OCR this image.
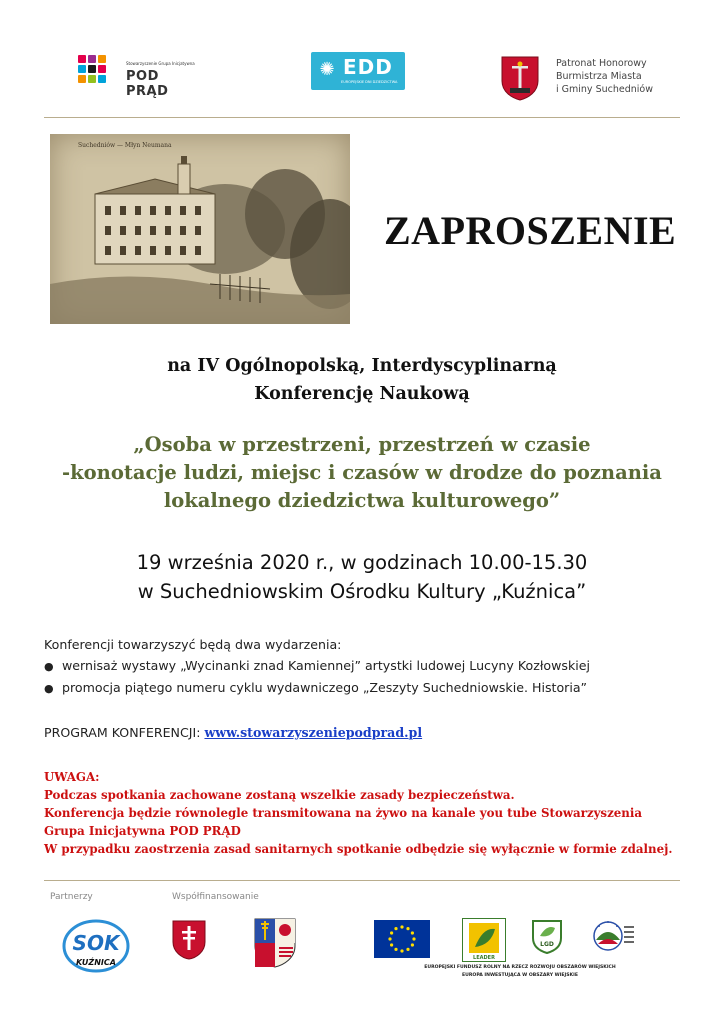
Stowarzyszenie Grupa Inicjatywna
POD PRĄD
✺ EDD
EUROPEJSKIE DNI DZIEDZICTWA
Patronat Honorowy
Burmistrza Miasta
i Gminy Suchedniów
Suchedniów — Młyn Neumana
ZAPROSZENIE
na IV Ogólnopolską, Interdyscyplinarną
Konferencję Naukową
„Osoba w przestrzeni, przestrzeń w czasie
-konotacje ludzi, miejsc i czasów w drodze do poznania
lokalnego dziedzictwa kulturowego”
19 września 2020 r., w godzinach 10.00-15.30
w Suchedniowskim Ośrodku Kultury „Kuźnica”
Konferencji towarzyszyć będą dwa wydarzenia:
● wernisaż wystawy „Wycinanki znad Kamiennej” artystki ludowej Lucyny Kozłowskiej
● promocja piątego numeru cyklu wydawniczego „Zeszyty Suchedniowskie. Historia”
PROGRAM KONFERENCJI: www.stowarzyszeniepodprad.pl
UWAGA:
Podczas spotkania zachowane zostaną wszelkie zasady bezpieczeństwa.
Konferencja będzie równolegle transmitowana na żywo na kanale you tube Stowarzyszenia
Grupa Inicjatywna POD PRĄD
W przypadku zaostrzenia zasad sanitarnych spotkanie odbędzie się wyłącznie w formie zdalnej.
Partnerzy	Współfinansowanie
SOK
KUŹNICA	LEADER
LGD
EUROPEJSKI FUNDUSZ ROLNY NA RZECZ ROZWOJU OBSZARÓW WIEJSKICH
EUROPA INWESTUJĄCA W OBSZARY WIEJSKIE
